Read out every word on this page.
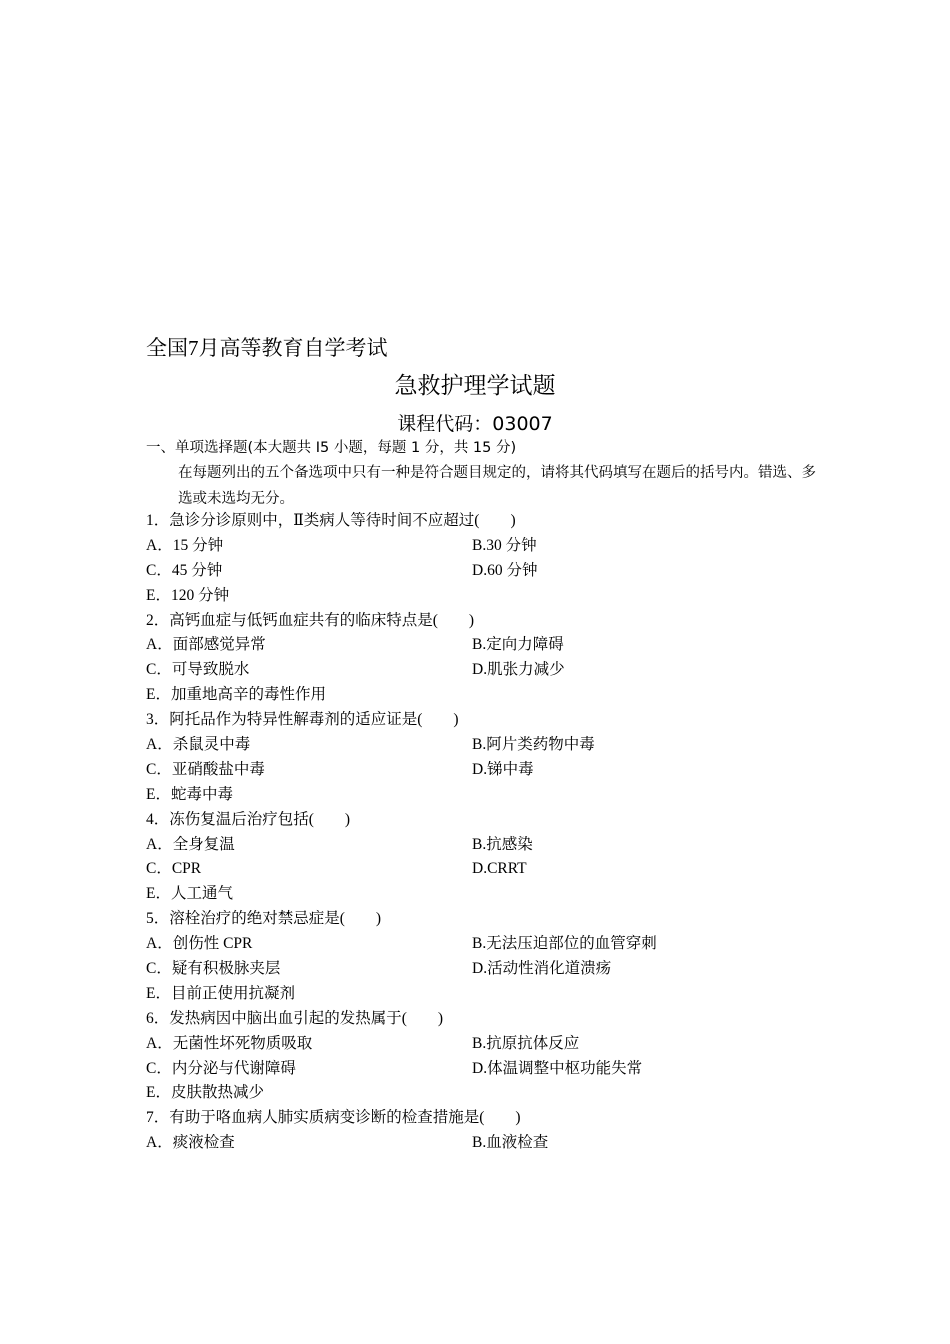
全国7月高等教育自学考试
急救护理学试题
课程代码：03007
一、单项选择题(本大题共 I5 小题，每题 1 分，共 15 分)
在每题列出的五个备选项中只有一种是符合题目规定的，请将其代码填写在题后的括号内。错选、多选或未选均无分。
1．急诊分诊原则中，Ⅱ类病人等待时间不应超过(　　)
A．15 分钟	B.30 分钟
C．45 分钟	D.60 分钟
E．120 分钟
2．高钙血症与低钙血症共有的临床特点是(　　)
A．面部感觉异常	B.定向力障碍
C．可导致脱水	D.肌张力减少
E．加重地高辛的毒性作用
3．阿托品作为特异性解毒剂的适应证是(　　)
A．杀鼠灵中毒	B.阿片类药物中毒
C．亚硝酸盐中毒	D.锑中毒
E．蛇毒中毒
4．冻伤复温后治疗包括(　　)
A．全身复温	B.抗感染
C．CPR	D.CRRT
E．人工通气
5．溶栓治疗的绝对禁忌症是(　　)
A．创伤性 CPR	B.无法压迫部位的血管穿刺
C．疑有积极脉夹层	D.活动性消化道溃疡
E．目前正使用抗凝剂
6．发热病因中脑出血引起的发热属于(　　)
A．无菌性坏死物质吸取	B.抗原抗体反应
C．内分泌与代谢障碍	D.体温调整中枢功能失常
E．皮肤散热减少
7．有助于咯血病人肺实质病变诊断的检查措施是(　　)
A．痰液检查	B.血液检查
